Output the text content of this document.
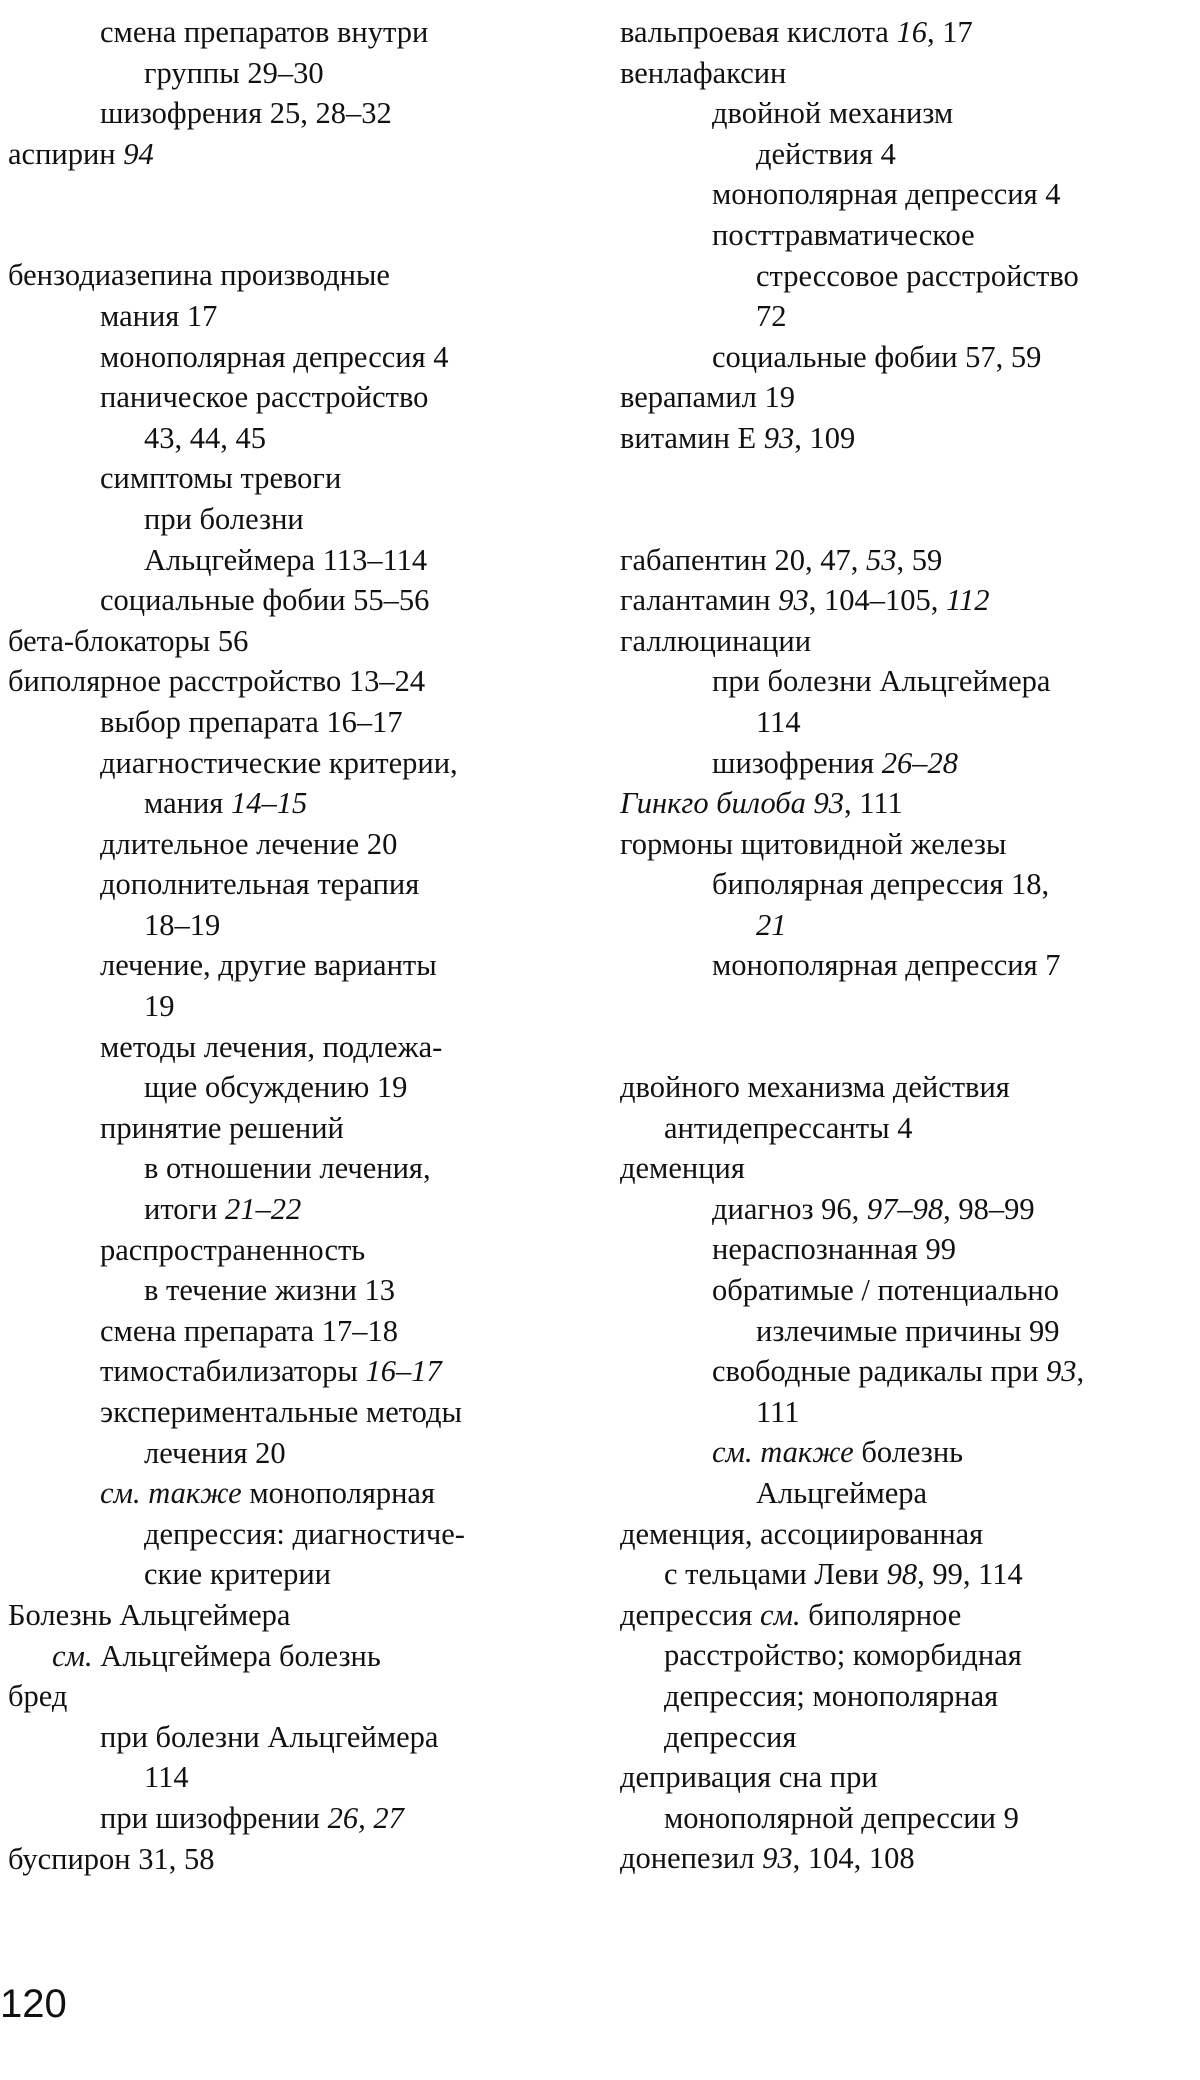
смена препаратов внутри
группы 29–30
шизофрения 25, 28–32
аспирин 94
бензодиазепина производные
мания 17
монополярная депрессия 4
паническое расстройство
43, 44, 45
симптомы тревоги
при болезни
Альцгеймера 113–114
социальные фобии 55–56
бета-блокаторы 56
биполярное расстройство 13–24
выбор препарата 16–17
диагностические критерии,
мания 14–15
длительное лечение 20
дополнительная терапия
18–19
лечение, другие варианты
19
методы лечения, подлежа-
щие обсуждению 19
принятие решений
в отношении лечения,
итоги 21–22
распространенность
в течение жизни 13
смена препарата 17–18
тимостабилизаторы 16–17
экспериментальные методы
лечения 20
см. также монополярная
депрессия: диагностиче-
ские критерии
Болезнь Альцгеймера
см. Альцгеймера болезнь
бред
при болезни Альцгеймера
114
при шизофрении 26, 27
буспирон 31, 58
вальпроевая кислота 16, 17
венлафаксин
двойной механизм
действия 4
монополярная депрессия 4
посттравматическое
стрессовое расстройство
72
социальные фобии 57, 59
верапамил 19
витамин E 93, 109
габапентин 20, 47, 53, 59
галантамин 93, 104–105, 112
галлюцинации
при болезни Альцгеймера
114
шизофрения 26–28
Гинкго билоба 93, 111
гормоны щитовидной железы
биполярная депрессия 18,
21
монополярная депрессия 7
двойного механизма действия
антидепрессанты 4
деменция
диагноз 96, 97–98, 98–99
нераспознанная 99
обратимые / потенциально
излечимые причины 99
свободные радикалы при 93,
111
см. также болезнь
Альцгеймера
деменция, ассоциированная
с тельцами Леви 98, 99, 114
депрессия см. биполярное
расстройство; коморбидная
депрессия; монополярная
депрессия
депривация сна при
монополярной депрессии 9
донепезил 93, 104, 108
120
